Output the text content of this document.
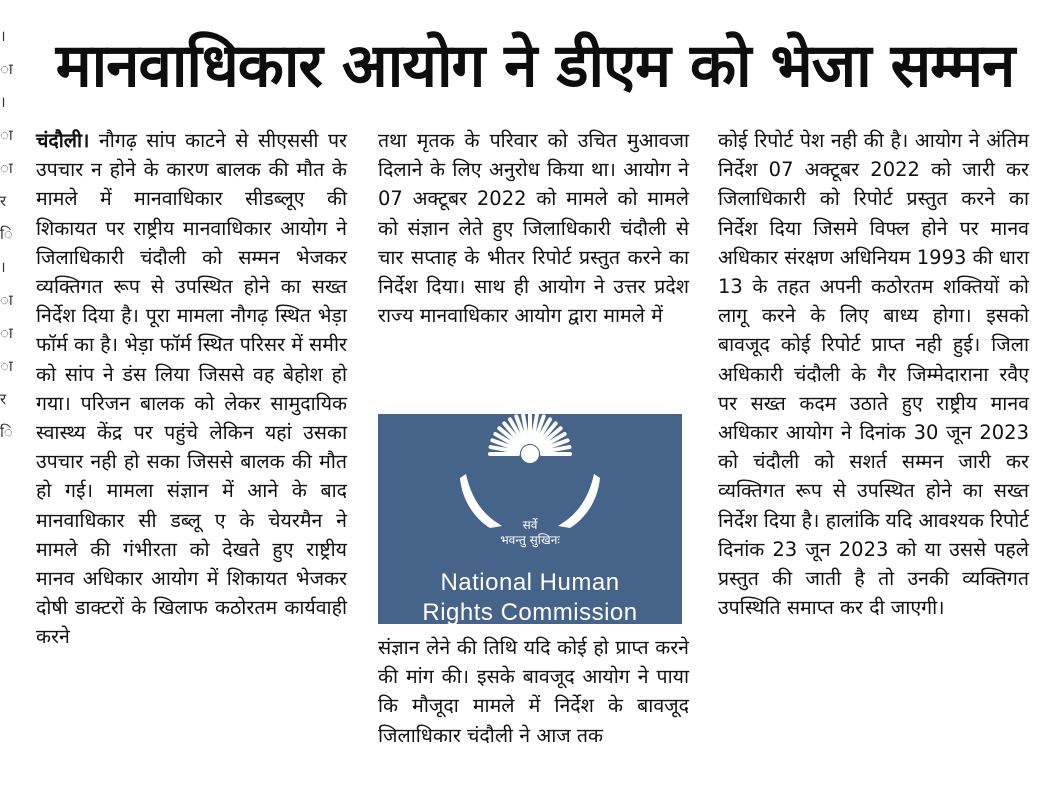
। ा । ा ा र ि । ा ा ा र ि
मानवाधिकार आयोग ने डीएम को भेजा सम्मन

चंदौली। नौगढ़ सांप काटने से सीएससी पर उपचार न होने के कारण बालक की मौत के मामले में मानवाधिकार सीडब्लूए की शिकायत पर राष्ट्रीय मानवाधिकार आयोग ने जिलाधिकारी चंदौली को सम्मन भेजकर व्यक्तिगत रूप से उपस्थित होने का सख्त निर्देश दिया है। पूरा मामला नौगढ़ स्थित भेड़ा फॉर्म का है। भेड़ा फॉर्म स्थित परिसर में समीर को सांप ने डंस लिया जिससे वह बेहोश हो गया। परिजन बालक को लेकर सामुदायिक स्वास्थ्य केंद्र पर पहुंचे लेकिन यहां उसका उपचार नही हो सका जिससे बालक की मौत हो गई। मामला संज्ञान में आने के बाद मानवाधिकार सी डब्लू ए के चेयरमैन ने मामले की गंभीरता को देखते हुए राष्ट्रीय मानव अधिकार आयोग में शिकायत भेजकर दोषी डाक्टरों के खिलाफ कठोरतम कार्यवाही करने

तथा मृतक के परिवार को उचित मुआवजा दिलाने के लिए अनुरोध किया था। आयोग ने 07 अक्टूबर 2022 को मामले को मामले को संज्ञान लेते हुए जिलाधिकारी चंदौली से चार सप्ताह के भीतर रिपोर्ट प्रस्तुत करने का निर्देश दिया। साथ ही आयोग ने उत्तर प्रदेश राज्य मानवाधिकार आयोग द्वारा मामले में

सर्वे
भवन्तु सुखिनः
National Human
Rights Commission

संज्ञान लेने की तिथि यदि कोई हो प्राप्त करने की मांग की। इसके बावजूद आयोग ने पाया कि मौजूदा मामले में निर्देश के बावजूद जिलाधिकार चंदौली ने आज तक

कोई रिपोर्ट पेश नही की है। आयोग ने अंतिम निर्देश 07 अक्टूबर 2022 को जारी कर जिलाधिकारी को रिपोर्ट प्रस्तुत करने का निर्देश दिया जिसमे विफ्ल होने पर मानव अधिकार संरक्षण अधिनियम 1993 की धारा 13 के तहत अपनी कठोरतम शक्तियों को लागू करने के लिए बाध्य होगा। इसको बावजूद कोई रिपोर्ट प्राप्त नही हुई। जिला अधिकारी चंदौली के गैर जिम्मेदाराना रवैए पर सख्त कदम उठाते हुए राष्ट्रीय मानव अधिकार आयोग ने दिनांक 30 जून 2023 को चंदौली को सशर्त सम्मन जारी कर व्यक्तिगत रूप से उपस्थित होने का सख्त निर्देश दिया है। हालांकि यदि आवश्यक रिपोर्ट दिनांक 23 जून 2023 को या उससे पहले प्रस्तुत की जाती है तो उनकी व्यक्तिगत उपस्थिति समाप्त कर दी जाएगी।
